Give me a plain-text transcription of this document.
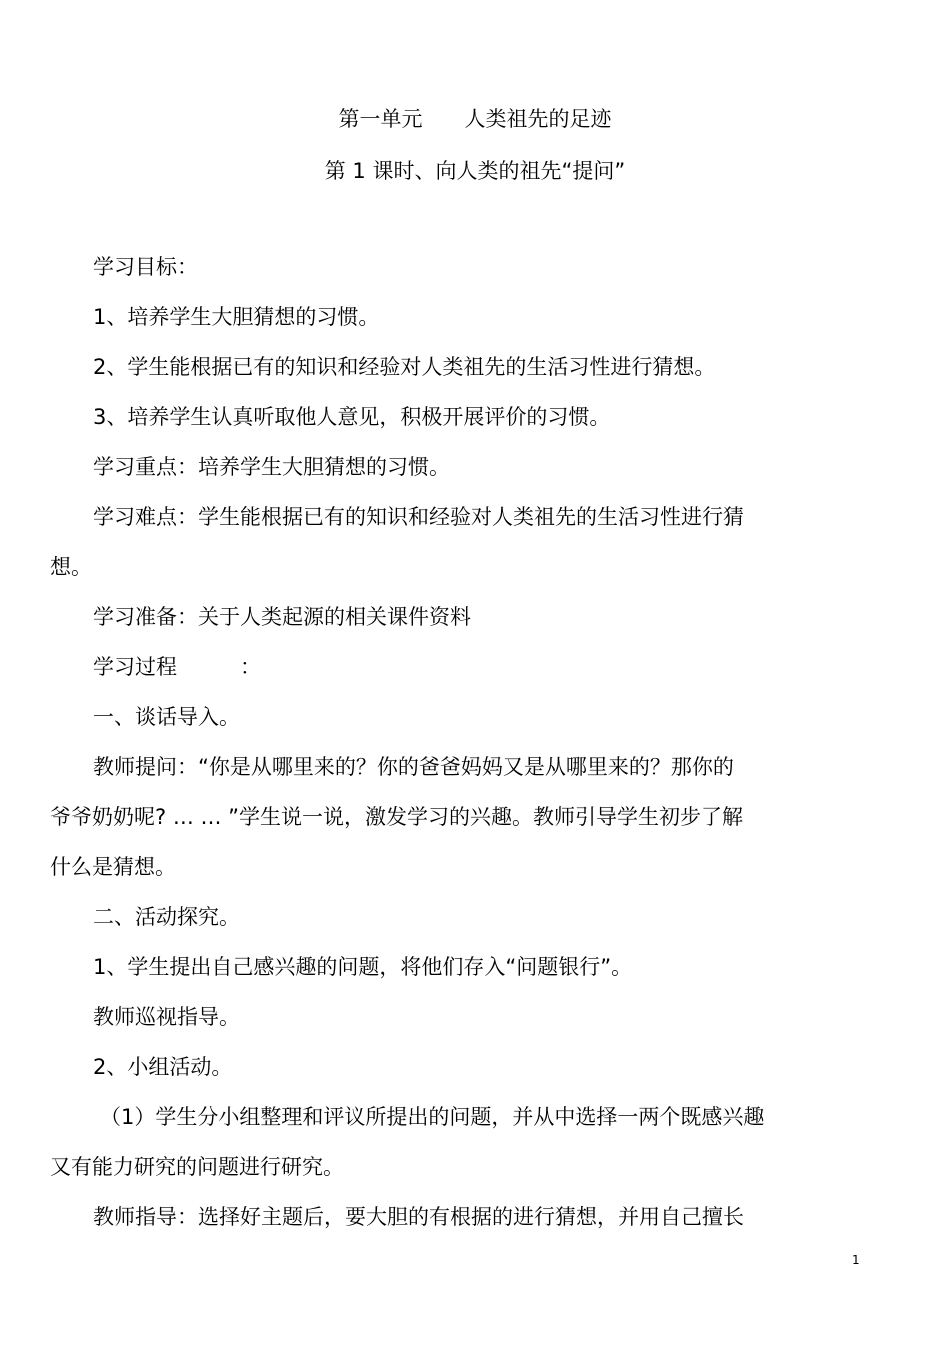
第一单元　　人类祖先的足迹
第 1 课时、向人类的祖先“提问”
学习目标：
1、培养学生大胆猜想的习惯。
2、学生能根据已有的知识和经验对人类祖先的生活习性进行猜想。
3、培养学生认真听取他人意见，积极开展评价的习惯。
学习重点：培养学生大胆猜想的习惯。
学习难点：学生能根据已有的知识和经验对人类祖先的生活习性进行猜
想。
学习准备：关于人类起源的相关课件资料
学习过程　　　：
一、谈话导入。
教师提问：“你是从哪里来的？你的爸爸妈妈又是从哪里来的？那你的
爷爷奶奶呢? … … ”学生说一说，激发学习的兴趣。教师引导学生初步了解
什么是猜想。
二、活动探究。
1、学生提出自己感兴趣的问题，将他们存入“问题银行”。
教师巡视指导。
2、小组活动。
（1）学生分小组整理和评议所提出的问题，并从中选择一两个既感兴趣
又有能力研究的问题进行研究。
教师指导：选择好主题后，要大胆的有根据的进行猜想，并用自己擅长
1
